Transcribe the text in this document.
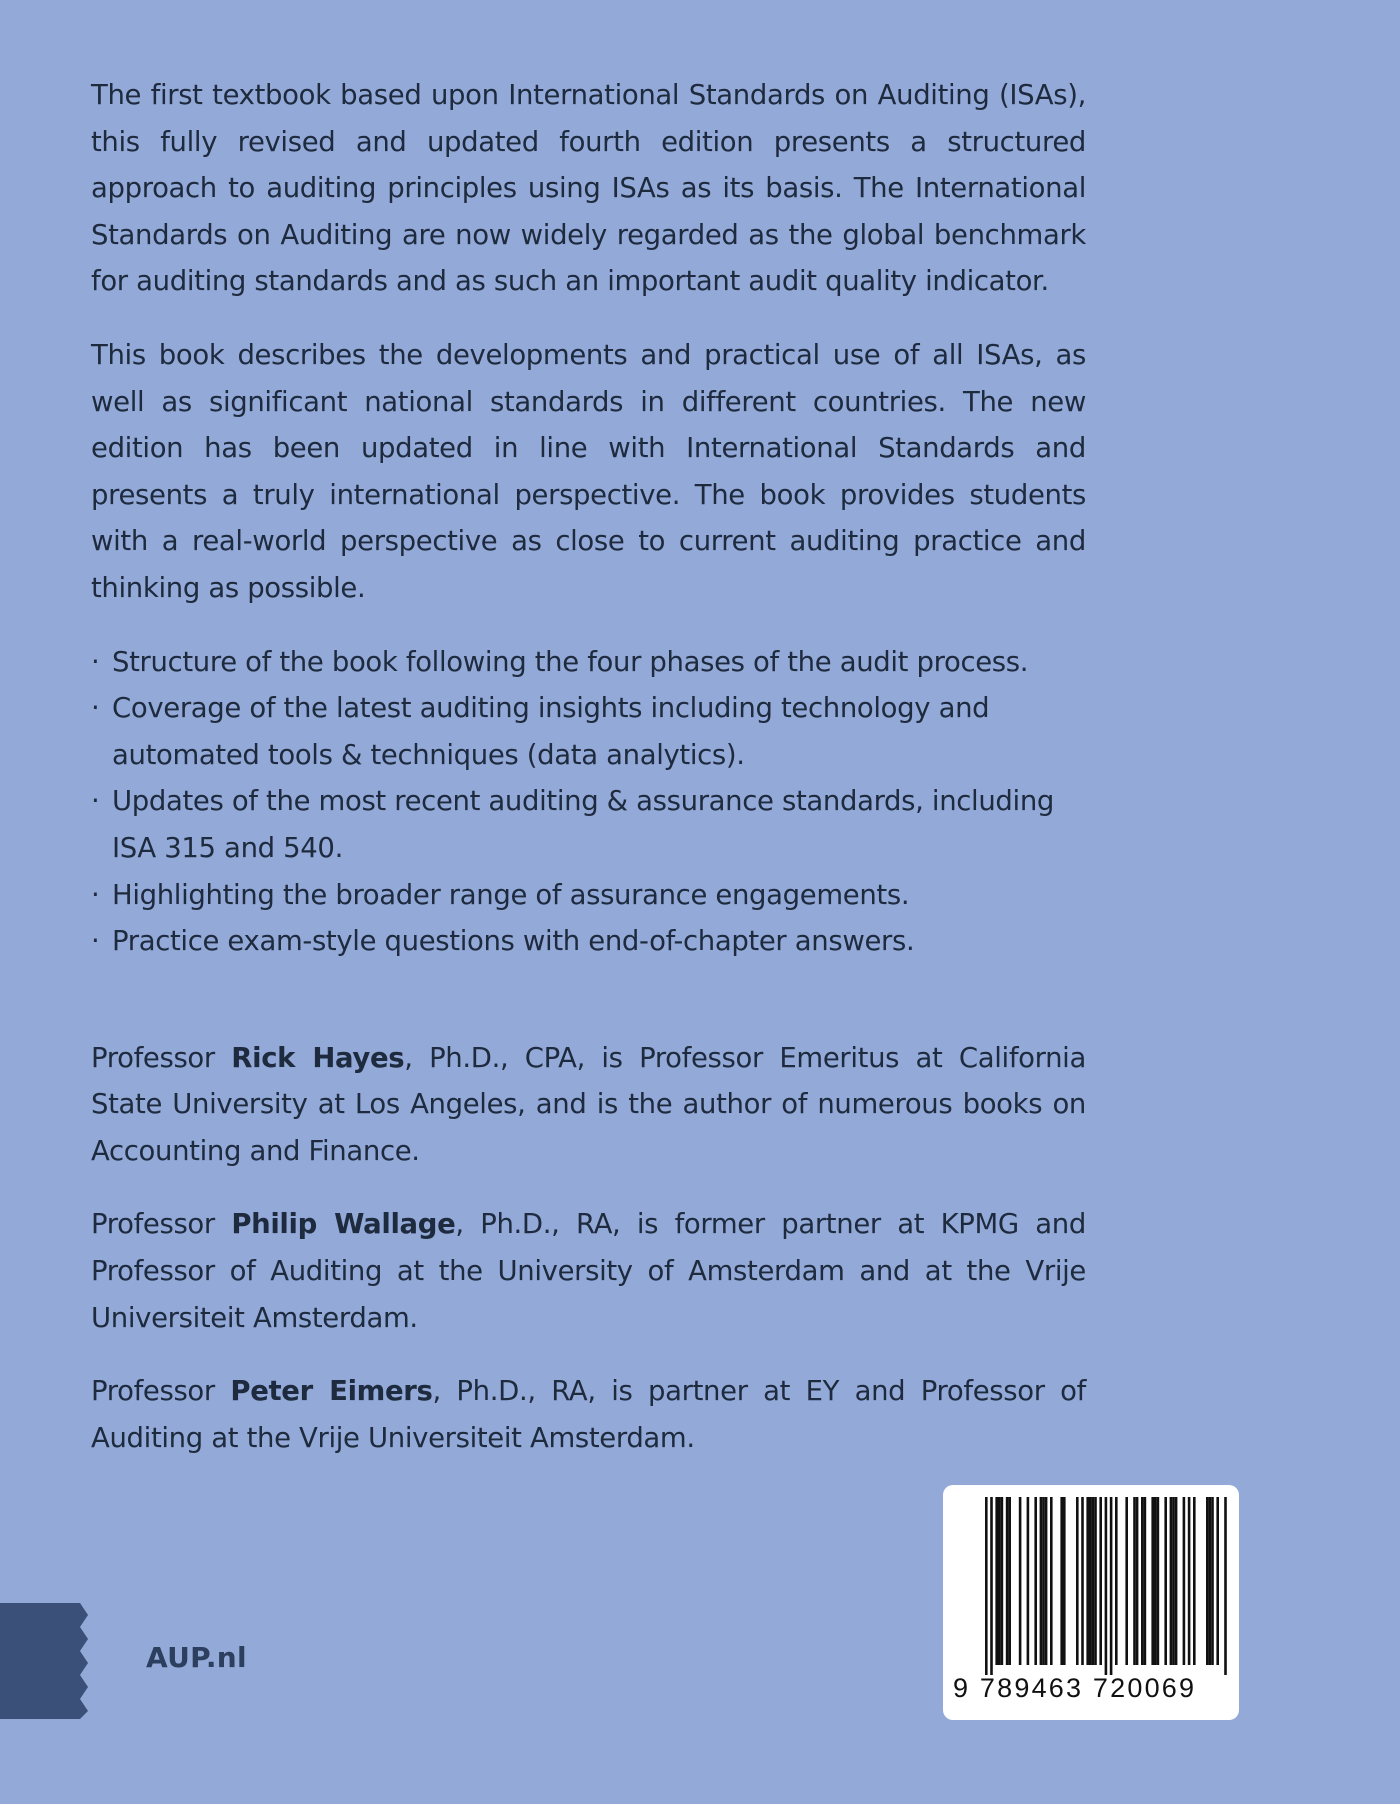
The first textbook based upon International Standards on Auditing (ISAs), this fully revised and updated fourth edition presents a structured approach to auditing principles using ISAs as its basis. The International Standards on Auditing are now widely regarded as the global benchmark for auditing standards and as such an important audit quality indicator.

This book describes the developments and practical use of all ISAs, as well as significant national standards in different countries. The new edition has been updated in line with International Standards and presents a truly international perspective. The book provides students with a real-world perspective as close to current auditing practice and thinking as possible.

· Structure of the book following the four phases of the audit process.
· Coverage of the latest auditing insights including technology and automated tools & techniques (data analytics).
· Updates of the most recent auditing & assurance standards, including ISA 315 and 540.
· Highlighting the broader range of assurance engagements.
· Practice exam-style questions with end-of-chapter answers.

Professor Rick Hayes, Ph.D., CPA, is Professor Emeritus at California State University at Los Angeles, and is the author of numerous books on Accounting and Finance.

Professor Philip Wallage, Ph.D., RA, is former partner at KPMG and Professor of Auditing at the University of Amsterdam and at the Vrije Universiteit Amsterdam.

Professor Peter Eimers, Ph.D., RA, is partner at EY and Professor of Auditing at the Vrije Universiteit Amsterdam.

AUP.nl
9 789463 720069
